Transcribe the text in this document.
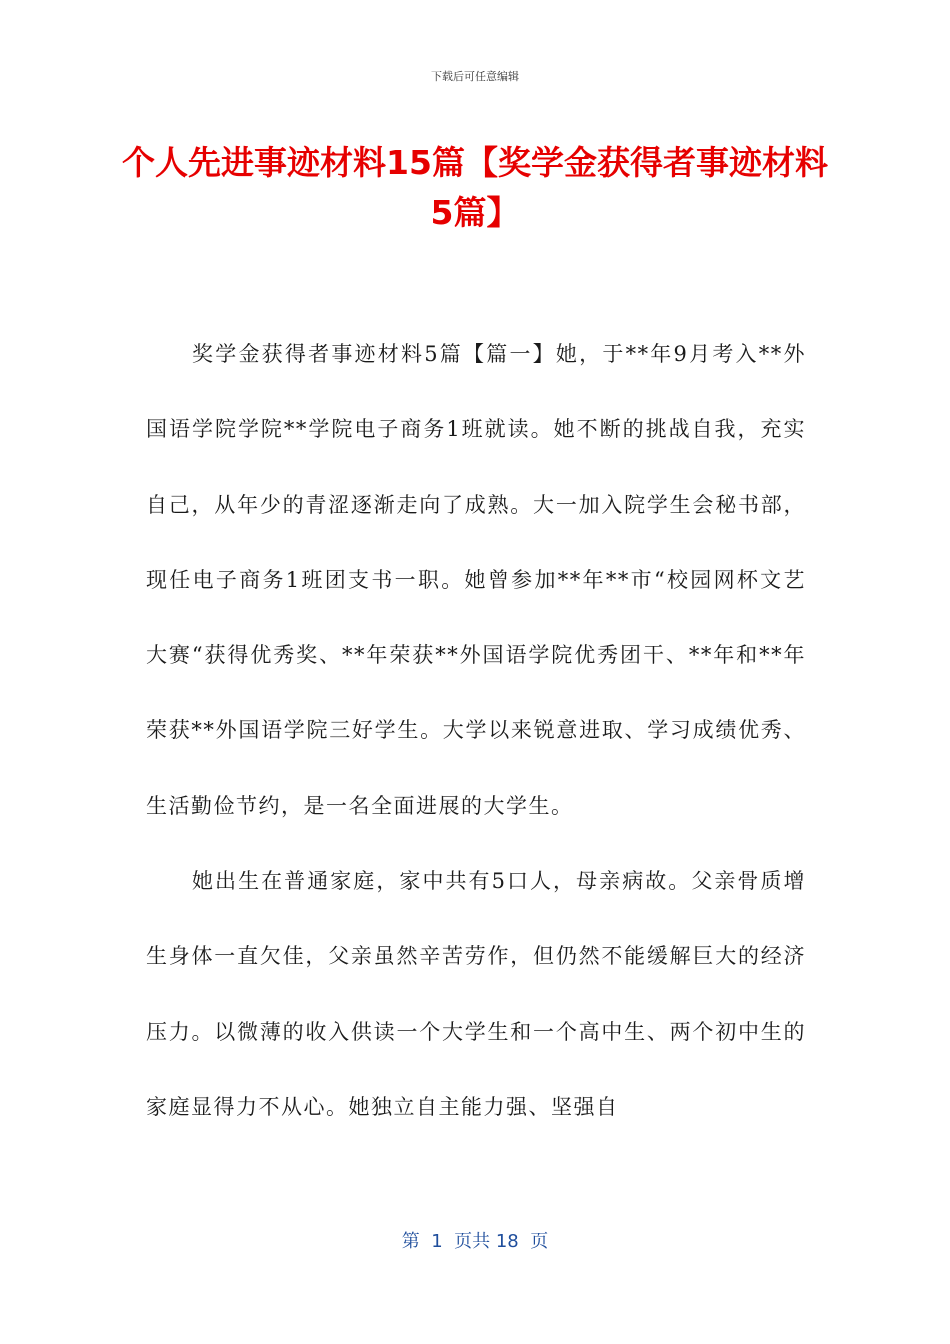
下载后可任意编辑
个人先进事迹材料15篇【奖学金获得者事迹材料5篇】

奖学金获得者事迹材料5篇【篇一】她，于**年9月考入**外国语学院学院**学院电子商务1班就读。她不断的挑战自我，充实自己，从年少的青涩逐渐走向了成熟。大一加入院学生会秘书部，现任电子商务1班团支书一职。她曾参加**年**市“校园网杯文艺大赛“获得优秀奖、**年荣获**外国语学院优秀团干、**年和**年荣获**外国语学院三好学生。大学以来锐意进取、学习成绩优秀、生活勤俭节约，是一名全面进展的大学生。

她出生在普通家庭，家中共有5口人，母亲病故。父亲骨质增生身体一直欠佳，父亲虽然辛苦劳作，但仍然不能缓解巨大的经济压力。以微薄的收入供读一个大学生和一个高中生、两个初中生的家庭显得力不从心。她独立自主能力强、坚强自

第  1  页共 18  页
